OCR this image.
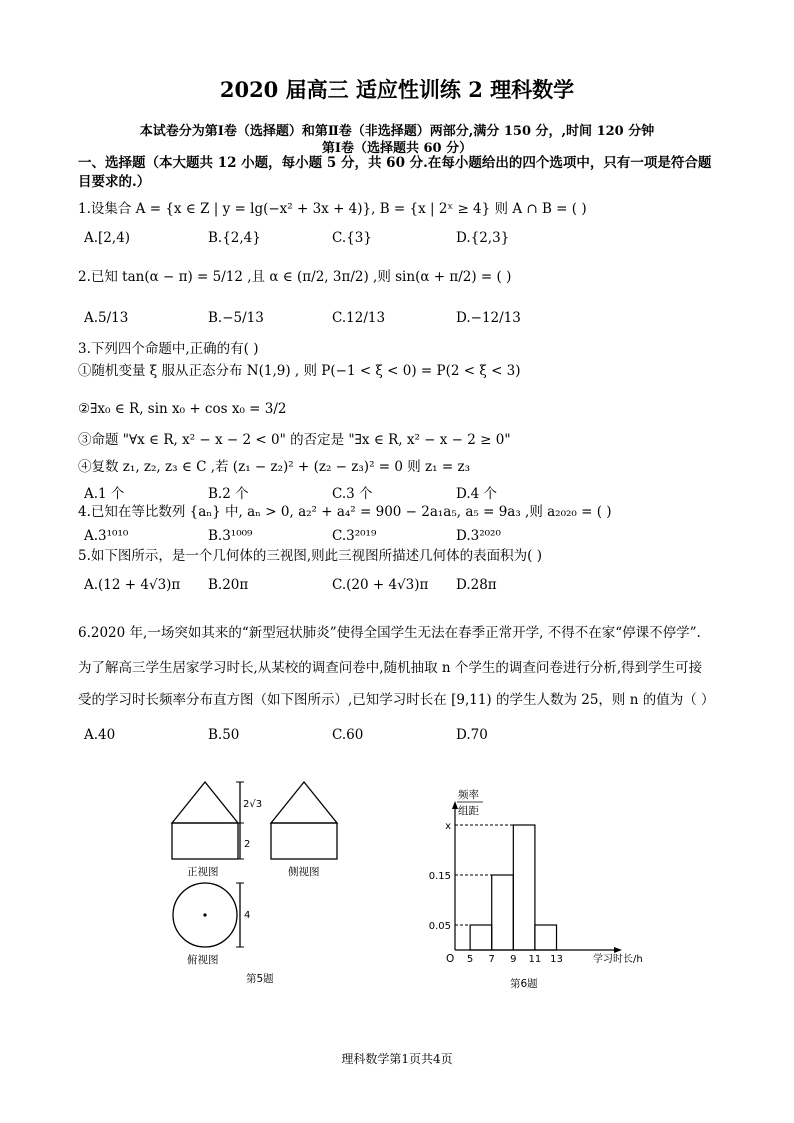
2020 届高三 适应性训练 2 理科数学
本试卷分为第Ⅰ卷（选择题）和第Ⅱ卷（非选择题）两部分,满分 150 分，,时间 120 分钟
第Ⅰ卷（选择题共 60 分）
一、选择题（本大题共 12 小题，每小题 5 分，共 60 分.在每小题给出的四个选项中，只有一项是符合题
目要求的.）
1.设集合 A = {x ∈ Z | y = lg(−x² + 3x + 4)}, B = {x | 2ˣ ≥ 4} 则 A ∩ B = ( )
A.[2,4)	B.{2,4}	C.{3}	D.{2,3}
2.已知 tan(α − π) = 5/12 ,且 α ∈ (π/2, 3π/2) ,则 sin(α + π/2) = ( )
A.5/13	B.−5/13	C.12/13	D.−12/13
3.下列四个命题中,正确的有( )
①随机变量 ξ 服从正态分布 N(1,9) , 则 P(−1 < ξ < 0) = P(2 < ξ < 3)
②∃x₀ ∈ R, sin x₀ + cos x₀ = 3/2
③命题 "∀x ∈ R, x² − x − 2 < 0" 的否定是 "∃x ∈ R, x² − x − 2 ≥ 0"
④复数 z₁, z₂, z₃ ∈ C ,若 (z₁ − z₂)² + (z₂ − z₃)² = 0 则 z₁ = z₃
A.1 个	B.2 个	C.3 个	D.4 个
4.已知在等比数列 {aₙ} 中, aₙ > 0, a₂² + a₄² = 900 − 2a₁a₅, a₅ = 9a₃ ,则 a₂₀₂₀ = ( )
A.3¹⁰¹⁰	B.3¹⁰⁰⁹	C.3²⁰¹⁹	D.3²⁰²⁰
5.如下图所示，是一个几何体的三视图,则此三视图所描述几何体的表面积为( )
A.(12 + 4√3)π	B.20π	C.(20 + 4√3)π	D.28π
6.2020 年,一场突如其来的“新型冠状肺炎”使得全国学生无法在春季正常开学, 不得不在家“停课不停学”.
为了解高三学生居家学习时长,从某校的调查问卷中,随机抽取 n 个学生的调查问卷进行分析,得到学生可接
受的学习时长频率分布直方图（如下图所示）,已知学习时长在 [9,11) 的学生人数为 25，则 n 的值为（ ）
A.40	B.50	C.60	D.70
2√3
2
4
正视图	侧视图
俯视图
第5题
频率
组距
O	学习时长/h
0.05
0.15
x
5 7 9 11 13
第6题
理科数学第1页共4页
